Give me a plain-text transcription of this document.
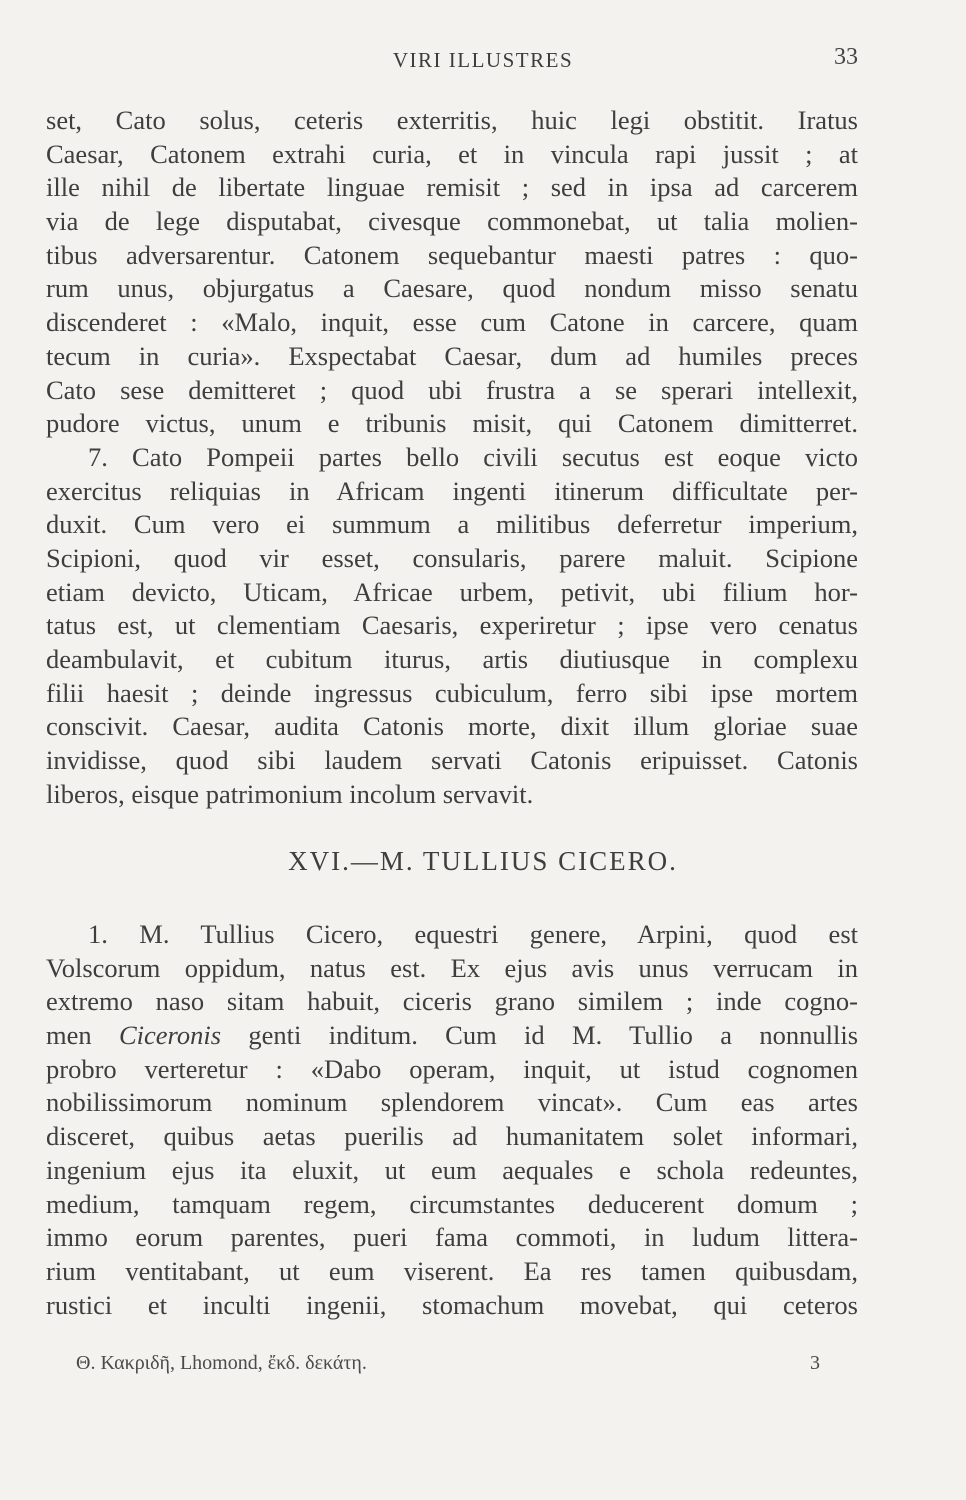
VIRI ILLUSTRES	33
set, Cato solus, ceteris exterritis, huic legi obstitit. Iratus
Caesar, Catonem extrahi curia, et in vincula rapi jussit ; at
ille nihil de libertate linguae remisit ; sed in ipsa ad carcerem
via de lege disputabat, civesque commonebat, ut talia molien-
tibus adversarentur. Catonem sequebantur maesti patres : quo-
rum unus, objurgatus a Caesare, quod nondum misso senatu
discenderet : «Malo, inquit, esse cum Catone in carcere, quam
tecum in curia». Exspectabat Caesar, dum ad humiles preces
Cato sese demitteret ; quod ubi frustra a se sperari intellexit,
pudore victus, unum e tribunis misit, qui Catonem dimitterret.
7. Cato Pompeii partes bello civili secutus est eoque victo
exercitus reliquias in Africam ingenti itinerum difficultate per-
duxit. Cum vero ei summum a militibus deferretur imperium,
Scipioni, quod vir esset, consularis, parere maluit. Scipione
etiam devicto, Uticam, Africae urbem, petivit, ubi filium hor-
tatus est, ut clementiam Caesaris, experiretur ; ipse vero cenatus
deambulavit, et cubitum iturus, artis diutiusque in complexu
filii haesit ; deinde ingressus cubiculum, ferro sibi ipse mortem
conscivit. Caesar, audita Catonis morte, dixit illum gloriae suae
invidisse, quod sibi laudem servati Catonis eripuisset. Catonis
liberos, eisque patrimonium incolum servavit.
XVI.—M. TULLIUS CICERO.
1. M. Tullius Cicero, equestri genere, Arpini, quod est
Volscorum oppidum, natus est. Ex ejus avis unus verrucam in
extremo naso sitam habuit, ciceris grano similem ; inde cogno-
men Ciceronis genti inditum. Cum id M. Tullio a nonnullis
probro verteretur : «Dabo operam, inquit, ut istud cognomen
nobilissimorum nominum splendorem vincat». Cum eas artes
disceret, quibus aetas puerilis ad humanitatem solet informari,
ingenium ejus ita eluxit, ut eum aequales e schola redeuntes,
medium, tamquam regem, circumstantes deducerent domum ;
immo eorum parentes, pueri fama commoti, in ludum littera-
rium ventitabant, ut eum viserent. Ea res tamen quibusdam,
rustici et inculti ingenii, stomachum movebat, qui ceteros
Θ. Κακριδῆ, Lhomond, ἔκδ. δεκάτη.	3
